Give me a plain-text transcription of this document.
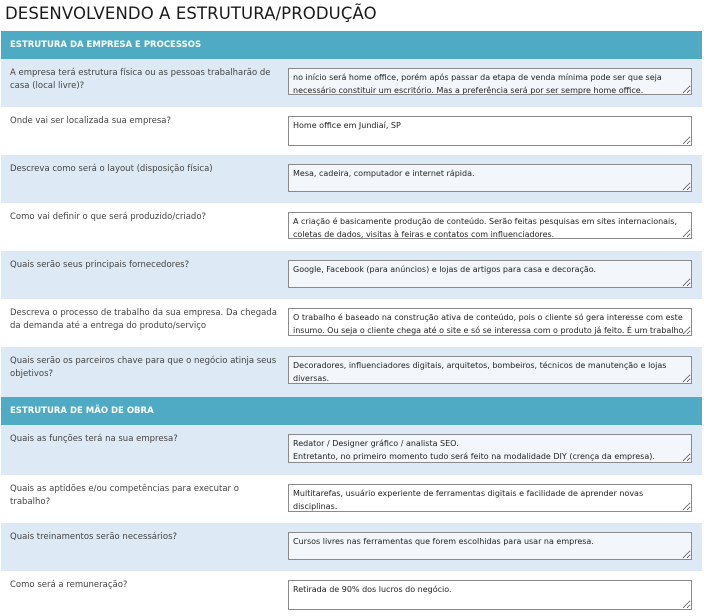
DESENVOLVENDO A ESTRUTURA/PRODUÇÃO
ESTRUTURA DA EMPRESA E PROCESSOS
A empresa terá estrutura física ou as pessoas trabalharão de casa (local livre)?
no início será home office, porém após passar da etapa de venda mínima pode ser que seja necessário constituir um escritório. Mas a preferência será por ser sempre home office.
Onde vai ser localizada sua empresa?
Home office em Jundiaí, SP
Descreva como será o layout (disposição física)
Mesa, cadeira, computador e internet rápida.
Como vai definir o que será produzido/criado?
A criação é basicamente produção de conteúdo. Serão feitas pesquisas em sites internacionais, coletas de dados, visitas à feiras e contatos com influenciadores.
Quais serão seus principais fornecedores?
Google, Facebook (para anúncios) e lojas de artigos para casa e decoração.
Descreva o processo de trabalho da sua empresa. Da chegada da demanda até a entrega do produto/serviço
O trabalho é baseado na construção ativa de conteúdo, pois o cliente só gera interesse com este insumo. Ou seja o cliente chega até o site e só se interessa com o produto já feito. É um trabalho contínuo de
Quais serão os parceiros chave para que o negócio atinja seus objetivos?
Decoradores, influenciadores digitais, arquitetos, bombeiros, técnicos de manutenção e lojas diversas.
ESTRUTURA DE MÃO DE OBRA
Quais as funções terá na sua empresa?
Redator / Designer gráfico / analista SEO. Entretanto, no primeiro momento tudo será feito na modalidade DIY (crença da empresa).
Quais as aptidões e/ou competências para executar o trabalho?
Multitarefas, usuário experiente de ferramentas digitais e facilidade de aprender novas disciplinas.
Quais treinamentos serão necessários?
Cursos livres nas ferramentas que forem escolhidas para usar na empresa.
Como será a remuneração?
Retirada de 90% dos lucros do negócio.
